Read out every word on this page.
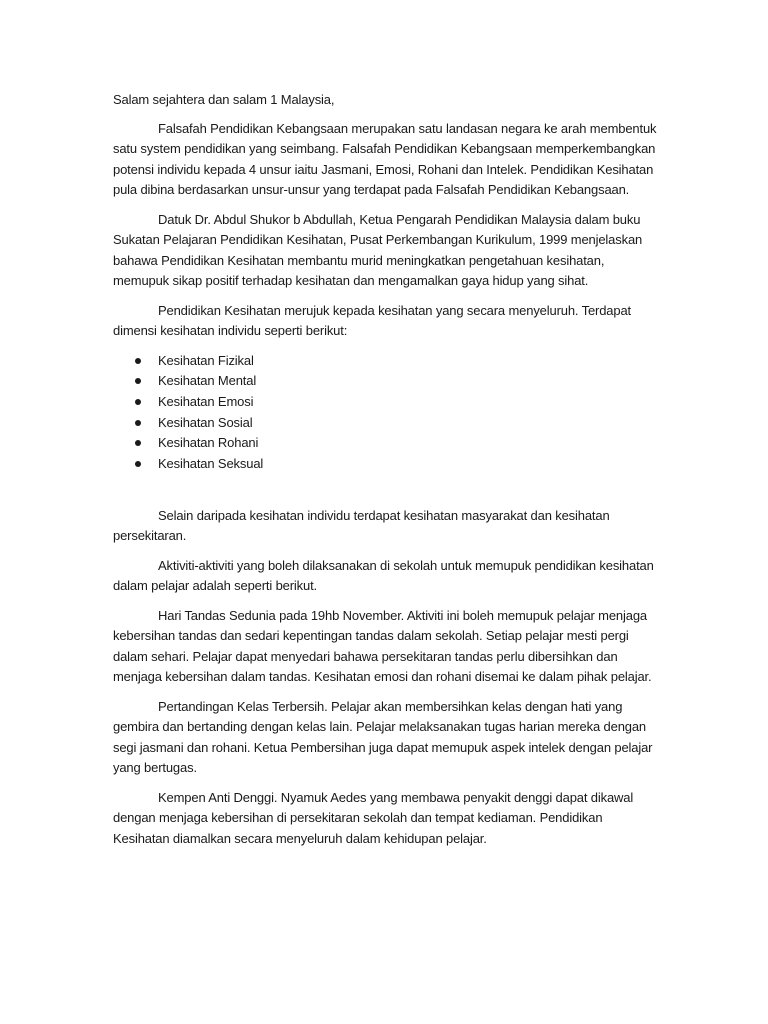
Salam sejahtera dan salam 1 Malaysia,

Falsafah Pendidikan Kebangsaan merupakan satu landasan negara ke arah membentuk satu system pendidikan yang seimbang. Falsafah Pendidikan Kebangsaan memperkembangkan potensi individu kepada 4 unsur iaitu Jasmani, Emosi, Rohani dan Intelek. Pendidikan Kesihatan pula dibina berdasarkan unsur-unsur yang terdapat pada Falsafah Pendidikan Kebangsaan.

Datuk Dr. Abdul Shukor b Abdullah, Ketua Pengarah Pendidikan Malaysia dalam buku Sukatan Pelajaran Pendidikan Kesihatan, Pusat Perkembangan Kurikulum, 1999 menjelaskan bahawa Pendidikan Kesihatan membantu murid meningkatkan pengetahuan kesihatan, memupuk sikap positif terhadap kesihatan dan mengamalkan gaya hidup yang sihat.

Pendidikan Kesihatan merujuk kepada kesihatan yang secara menyeluruh. Terdapat dimensi kesihatan individu seperti berikut:

Kesihatan Fizikal
Kesihatan Mental
Kesihatan Emosi
Kesihatan Sosial
Kesihatan Rohani
Kesihatan Seksual

Selain daripada kesihatan individu terdapat kesihatan masyarakat dan kesihatan persekitaran.

Aktiviti-aktiviti yang boleh dilaksanakan di sekolah untuk memupuk pendidikan kesihatan dalam pelajar adalah seperti berikut.

Hari Tandas Sedunia pada 19hb November. Aktiviti ini boleh memupuk pelajar menjaga kebersihan tandas dan sedari kepentingan tandas dalam sekolah. Setiap pelajar mesti pergi dalam sehari. Pelajar dapat menyedari bahawa persekitaran tandas perlu dibersihkan dan menjaga kebersihan dalam tandas. Kesihatan emosi dan rohani disemai ke dalam pihak pelajar.

Pertandingan Kelas Terbersih. Pelajar akan membersihkan kelas dengan hati yang gembira dan bertanding dengan kelas lain. Pelajar melaksanakan tugas harian mereka dengan segi jasmani dan rohani. Ketua Pembersihan juga dapat memupuk aspek intelek dengan pelajar yang bertugas.

Kempen Anti Denggi. Nyamuk Aedes yang membawa penyakit denggi dapat dikawal dengan menjaga kebersihan di persekitaran sekolah dan tempat kediaman. Pendidikan Kesihatan diamalkan secara menyeluruh dalam kehidupan pelajar.
